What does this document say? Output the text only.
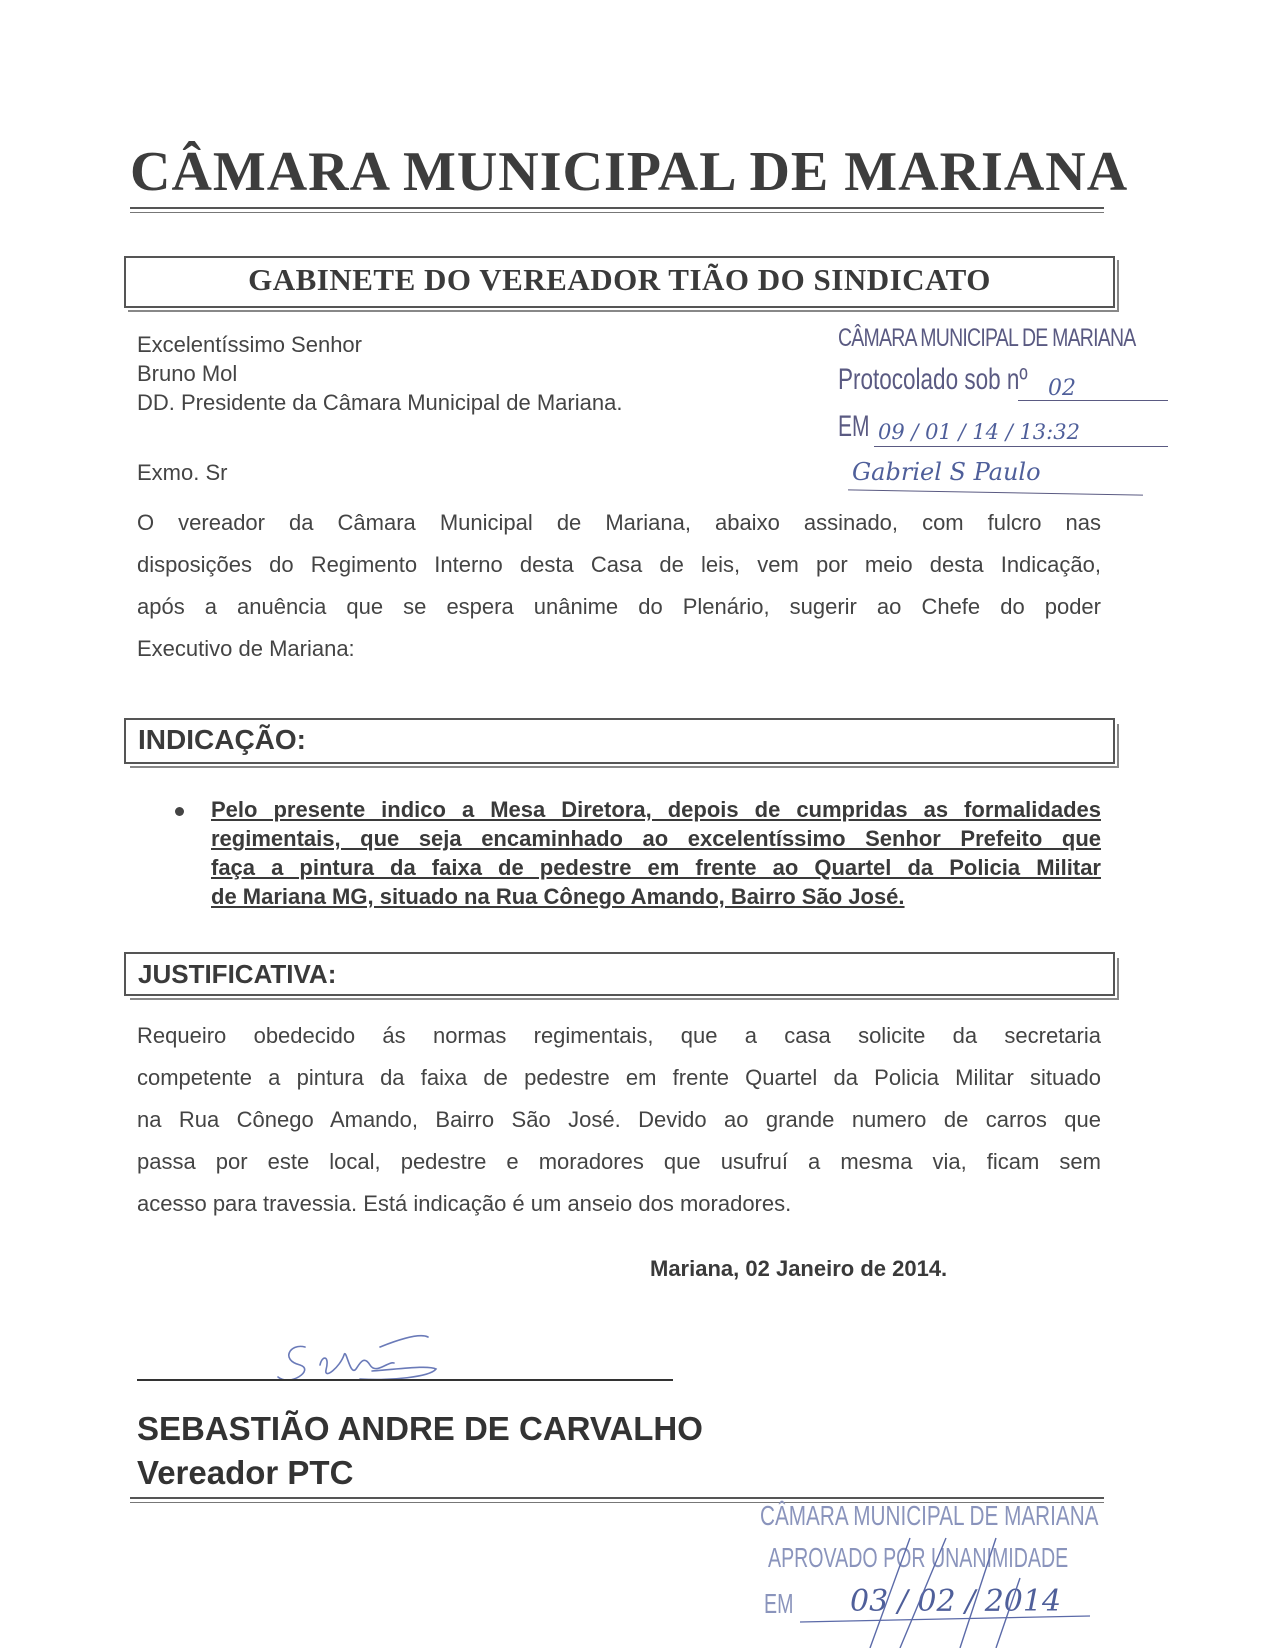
CÂMARA MUNICIPAL DE MARIANA
GABINETE DO VEREADOR TIÃO DO SINDICATO
Excelentíssimo Senhor
Bruno Mol
DD. Presidente da Câmara Municipal de Mariana.
Exmo. Sr
CÂMARA MUNICIPAL DE MARIANA
Protocolado sob nº 02
EM 09 / 01 / 14 / 13:32
Gabriel S Paulo
O vereador da Câmara Municipal de Mariana, abaixo assinado, com fulcro nas
disposições do Regimento Interno desta Casa de leis, vem por meio desta Indicação,
após a anuência que se espera unânime do Plenário, sugerir ao Chefe do poder
Executivo de Mariana:
INDICAÇÃO:
Pelo presente indico a Mesa Diretora, depois de cumpridas as formalidades
regimentais, que seja encaminhado ao excelentíssimo Senhor Prefeito que
faça a pintura da faixa de pedestre em frente ao Quartel da Policia Militar
de Mariana MG, situado na Rua Cônego Amando, Bairro São José.
JUSTIFICATIVA:
Requeiro obedecido ás normas regimentais, que a casa solicite da secretaria
competente a pintura da faixa de pedestre em frente Quartel da Policia Militar situado
na Rua Cônego Amando, Bairro São José. Devido ao grande numero de carros que
passa por este local, pedestre e moradores que usufruí a mesma via, ficam sem
acesso para travessia. Está indicação é um anseio dos moradores.
Mariana, 02 Janeiro de 2014.
SEBASTIÃO ANDRE DE CARVALHO
Vereador PTC
CÂMARA MUNICIPAL DE MARIANA
APROVADO POR UNANIMIDADE
EM 03 / 02 / 2014
